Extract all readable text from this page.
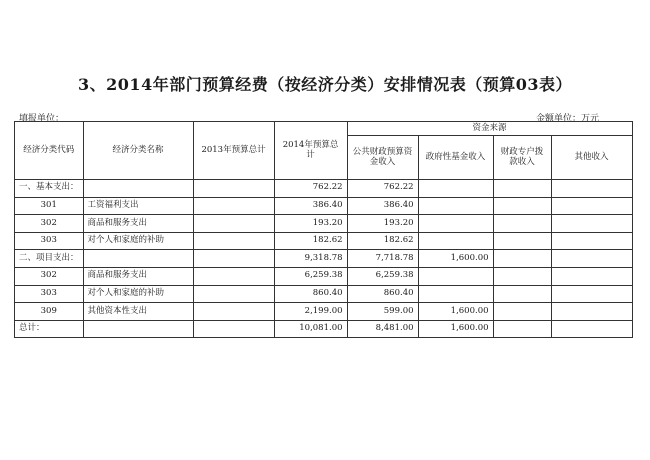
3、2014年部门预算经费（按经济分类）安排情况表（预算03表）
填报单位：	金额单位：万元
经济分类代码	经济分类名称	2013年预算总计	2014年预算总计	资金来源			
				公共财政预算资金收入	政府性基金收入	财政专户拨款收入	其他收入
一、基本支出：			762.22	762.22			
301	工资福利支出		386.40	386.40			
302	商品和服务支出		193.20	193.20			
303	对个人和家庭的补助		182.62	182.62			
二、项目支出：			9,318.78	7,718.78	1,600.00		
302	商品和服务支出		6,259.38	6,259.38			
303	对个人和家庭的补助		860.40	860.40			
309	其他资本性支出		2,199.00	599.00	1,600.00		
总计：			10,081.00	8,481.00	1,600.00		
